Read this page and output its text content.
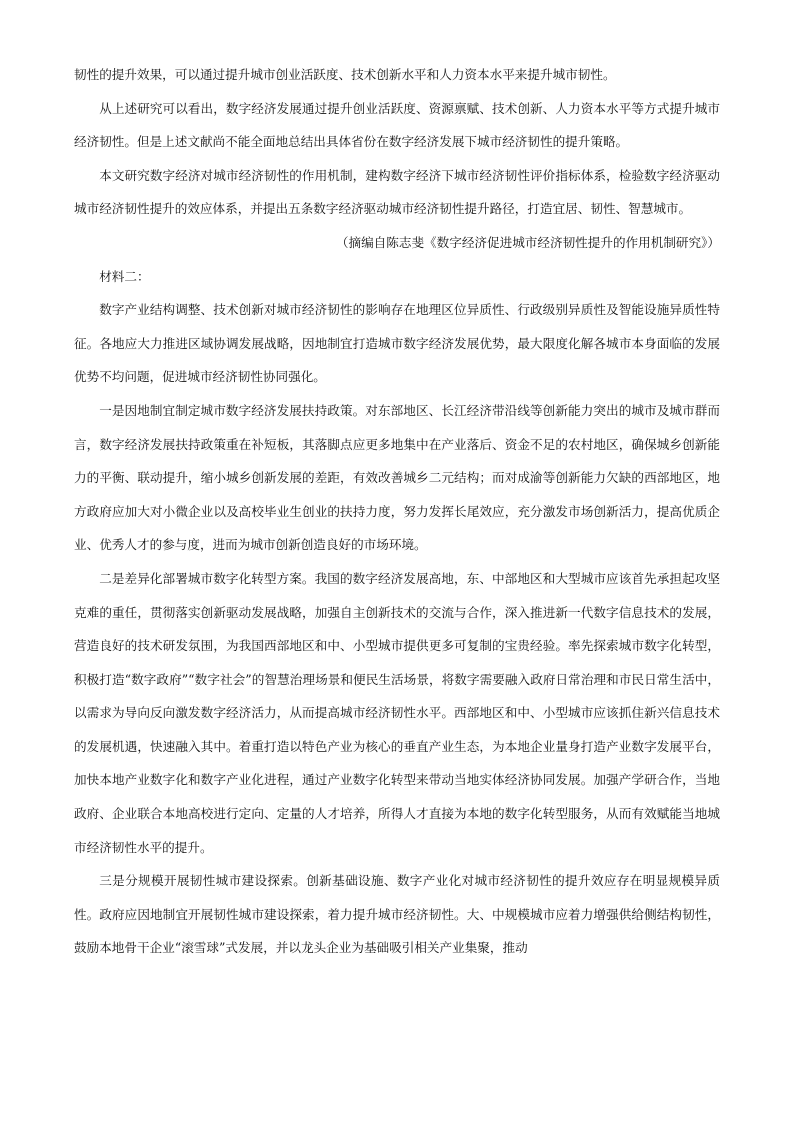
韧性的提升效果，可以通过提升城市创业活跃度、技术创新水平和人力资本水平来提升城市韧性。

从上述研究可以看出，数字经济发展通过提升创业活跃度、资源禀赋、技术创新、人力资本水平等方式提升城市经济韧性。但是上述文献尚不能全面地总结出具体省份在数字经济发展下城市经济韧性的提升策略。

本文研究数字经济对城市经济韧性的作用机制，建构数字经济下城市经济韧性评价指标体系，检验数字经济驱动城市经济韧性提升的效应体系，并提出五条数字经济驱动城市经济韧性提升路径，打造宜居、韧性、智慧城市。

（摘编自陈志斐《数字经济促进城市经济韧性提升的作用机制研究》）

材料二：

数字产业结构调整、技术创新对城市经济韧性的影响存在地理区位异质性、行政级别异质性及智能设施异质性特征。各地应大力推进区域协调发展战略，因地制宜打造城市数字经济发展优势，最大限度化解各城市本身面临的发展优势不均问题，促进城市经济韧性协同强化。

一是因地制宜制定城市数字经济发展扶持政策。对东部地区、长江经济带沿线等创新能力突出的城市及城市群而言，数字经济发展扶持政策重在补短板，其落脚点应更多地集中在产业落后、资金不足的农村地区，确保城乡创新能力的平衡、联动提升，缩小城乡创新发展的差距，有效改善城乡二元结构；而对成渝等创新能力欠缺的西部地区，地方政府应加大对小微企业以及高校毕业生创业的扶持力度，努力发挥长尾效应，充分激发市场创新活力，提高优质企业、优秀人才的参与度，进而为城市创新创造良好的市场环境。

二是差异化部署城市数字化转型方案。我国的数字经济发展高地，东、中部地区和大型城市应该首先承担起攻坚克难的重任，贯彻落实创新驱动发展战略，加强自主创新技术的交流与合作，深入推进新一代数字信息技术的发展，营造良好的技术研发氛围，为我国西部地区和中、小型城市提供更多可复制的宝贵经验。率先探索城市数字化转型，积极打造“数字政府”“数字社会”的智慧治理场景和便民生活场景，将数字需要融入政府日常治理和市民日常生活中，以需求为导向反向激发数字经济活力，从而提高城市经济韧性水平。西部地区和中、小型城市应该抓住新兴信息技术的发展机遇，快速融入其中。着重打造以特色产业为核心的垂直产业生态，为本地企业量身打造产业数字发展平台，加快本地产业数字化和数字产业化进程，通过产业数字化转型来带动当地实体经济协同发展。加强产学研合作，当地政府、企业联合本地高校进行定向、定量的人才培养，所得人才直接为本地的数字化转型服务，从而有效赋能当地城市经济韧性水平的提升。

三是分规模开展韧性城市建设探索。创新基础设施、数字产业化对城市经济韧性的提升效应存在明显规模异质性。政府应因地制宜开展韧性城市建设探索，着力提升城市经济韧性。大、中规模城市应着力增强供给侧结构韧性，鼓励本地骨干企业“滚雪球”式发展，并以龙头企业为基础吸引相关产业集聚，推动
